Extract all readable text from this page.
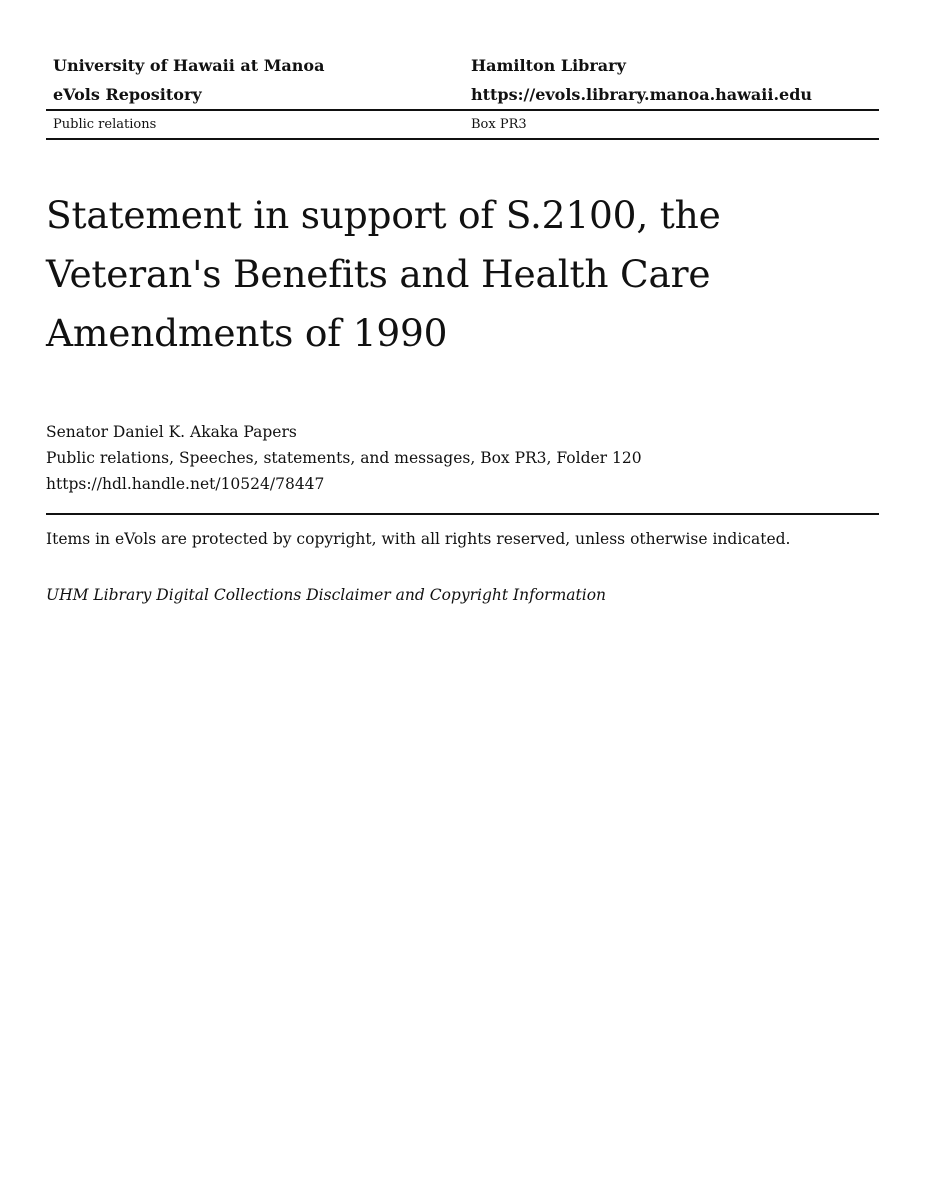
University of Hawaii at Manoa	Hamilton Library
eVols Repository	https://evols.library.manoa.hawaii.edu
Public relations	Box PR3
Statement in support of S.2100, the Veteran's Benefits and Health Care Amendments of 1990
Senator Daniel K. Akaka Papers
Public relations, Speeches, statements, and messages, Box PR3, Folder 120
https://hdl.handle.net/10524/78447
Items in eVols are protected by copyright, with all rights reserved, unless otherwise indicated.
UHM Library Digital Collections Disclaimer and Copyright Information
